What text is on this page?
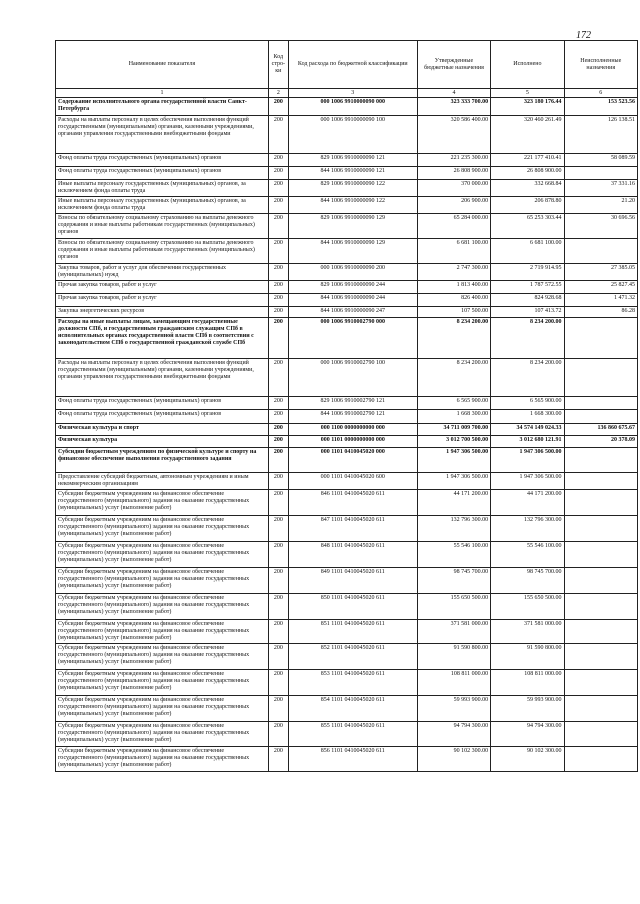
172
Наименование показателя	Код стро-ки	Код расхода по бюджетной классификации	Утвержденные бюджетные назначения	Исполнено	Неисполненные назначения
1	2	3	4	5	6
Содержание исполнительного органа государственной власти Санкт-Петербурга	200	000 1006 9910000090 000	323 333 700.00	323 180 176.44	153 523.56
Расходы на выплаты персоналу в целях обеспечения выполнения функций государственными (муниципальными) органами, казенными учреждениями, органами управления государственными внебюджетными фондами	200	000 1006 9910000090 100	320 586 400.00	320 460 261.49	126 138.51
Фонд оплаты труда государственных (муниципальных) органов	200	829 1006 9910000090 121	221 235 300.00	221 177 410.41	58 089.59
Фонд оплаты труда государственных (муниципальных) органов	200	844 1006 9910000090 121	26 808 900.00	26 808 900.00	
Иные выплаты персоналу государственных (муниципальных) органов, за исключением фонда оплаты труда	200	829 1006 9910000090 122	370 000.00	332 668.84	37 331.16
Иные выплаты персоналу государственных (муниципальных) органов, за исключением фонда оплаты труда	200	844 1006 9910000090 122	206 900.00	206 878.80	21.20
Взносы по обязательному социальному страхованию на выплаты денежного содержания и иные выплаты работникам государственных (муниципальных) органов	200	829 1006 9910000090 129	65 284 000.00	65 253 303.44	30 696.56
Взносы по обязательному социальному страхованию на выплаты денежного содержания и иные выплаты работникам государственных (муниципальных) органов	200	844 1006 9910000090 129	6 681 100.00	6 681 100.00	
Закупка товаров, работ и услуг для обеспечения государственных (муниципальных) нужд	200	000 1006 9910000090 200	2 747 300.00	2 719 914.95	27 385.05
Прочая закупка товаров, работ и услуг	200	829 1006 9910000090 244	1 813 400.00	1 787 572.55	25 827.45
Прочая закупка товаров, работ и услуг	200	844 1006 9910000090 244	826 400.00	824 928.68	1 471.32
Закупка энергетических ресурсов	200	844 1006 9910000090 247	107 500.00	107 413.72	86.28
Расходы на иные выплаты лицам, замещающим государственные должности СПб, и государственным гражданским служащим СПб в исполнительных органах государственной власти СПб в соответствии с законодательством СПб о государственной гражданской службе СПб	200	000 1006 9910002790 000	8 234 200.00	8 234 200.00	
Расходы на выплаты персоналу в целях обеспечения выполнения функций государственными (муниципальными) органами, казенными учреждениями, органами управления государственными внебюджетными фондами	200	000 1006 9910002790 100	8 234 200.00	8 234 200.00	
Фонд оплаты труда государственных (муниципальных) органов	200	829 1006 9910002790 121	6 565 900.00	6 565 900.00	
Фонд оплаты труда государственных (муниципальных) органов	200	844 1006 9910002790 121	1 668 300.00	1 668 300.00	
Физическая культура и спорт	200	000 1100 0000000000 000	34 711 009 700.00	34 574 149 024.33	136 860 675.67
Физическая культура	200	000 1101 0000000000 000	3 012 700 500.00	3 012 680 121.91	20 378.09
Субсидии бюджетным учреждениям по физической культуре и спорту на финансовое обеспечение выполнения государственного задания	200	000 1101 0410045020 000	1 947 306 500.00	1 947 306 500.00	
Предоставление субсидий бюджетным, автономным учреждениям и иным некоммерческим организациям	200	000 1101 0410045020 600	1 947 306 500.00	1 947 306 500.00	
Субсидии бюджетным учреждениям на финансовое обеспечение государственного (муниципального) задания на оказание государственных (муниципальных) услуг (выполнение работ)	200	846 1101 0410045020 611	44 171 200.00	44 171 200.00	
Субсидии бюджетным учреждениям на финансовое обеспечение государственного (муниципального) задания на оказание государственных (муниципальных) услуг (выполнение работ)	200	847 1101 0410045020 611	132 796 300.00	132 796 300.00	
Субсидии бюджетным учреждениям на финансовое обеспечение государственного (муниципального) задания на оказание государственных (муниципальных) услуг (выполнение работ)	200	848 1101 0410045020 611	55 546 100.00	55 546 100.00	
Субсидии бюджетным учреждениям на финансовое обеспечение государственного (муниципального) задания на оказание государственных (муниципальных) услуг (выполнение работ)	200	849 1101 0410045020 611	98 745 700.00	98 745 700.00	
Субсидии бюджетным учреждениям на финансовое обеспечение государственного (муниципального) задания на оказание государственных (муниципальных) услуг (выполнение работ)	200	850 1101 0410045020 611	155 650 500.00	155 650 500.00	
Субсидии бюджетным учреждениям на финансовое обеспечение государственного (муниципального) задания на оказание государственных (муниципальных) услуг (выполнение работ)	200	851 1101 0410045020 611	371 581 000.00	371 581 000.00	
Субсидии бюджетным учреждениям на финансовое обеспечение государственного (муниципального) задания на оказание государственных (муниципальных) услуг (выполнение работ)	200	852 1101 0410045020 611	91 590 800.00	91 590 800.00	
Субсидии бюджетным учреждениям на финансовое обеспечение государственного (муниципального) задания на оказание государственных (муниципальных) услуг (выполнение работ)	200	853 1101 0410045020 611	108 811 000.00	108 811 000.00	
Субсидии бюджетным учреждениям на финансовое обеспечение государственного (муниципального) задания на оказание государственных (муниципальных) услуг (выполнение работ)	200	854 1101 0410045020 611	59 993 900.00	59 993 900.00	
Субсидии бюджетным учреждениям на финансовое обеспечение государственного (муниципального) задания на оказание государственных (муниципальных) услуг (выполнение работ)	200	855 1101 0410045020 611	94 794 300.00	94 794 300.00	
Субсидии бюджетным учреждениям на финансовое обеспечение государственного (муниципального) задания на оказание государственных (муниципальных) услуг (выполнение работ)	200	856 1101 0410045020 611	90 102 300.00	90 102 300.00	
